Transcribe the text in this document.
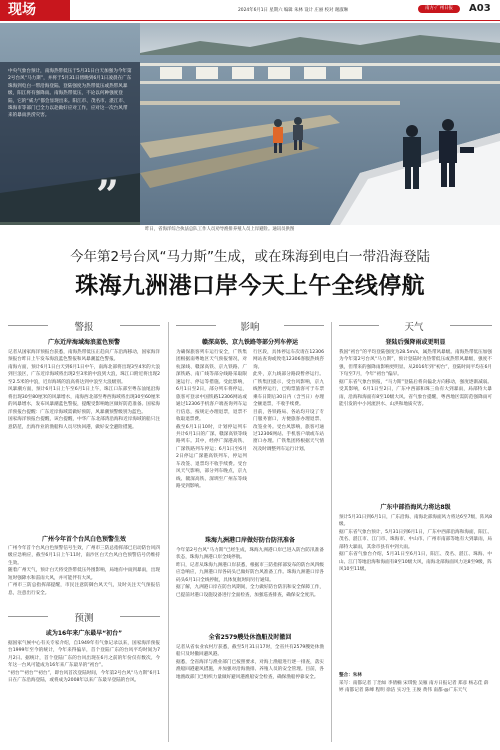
现场	2024年6月1日 星期六 编辑 朱林 设计 庄丽 校对 谢淑琳	南方·广州日报	A03
中央气象台预计，南海热带低压于5月31日白天加强为今年第2号台风“马力斯”，并将于5月31日傍晚到6月1日凌晨在广东珠海到电白一带沿海登陆。登陆强度为热带低压或热带风暴级，阳江将有强降雨。南海热带低压，不论以何种强度登陆，它的“威力”都会显现出来。阳江市、茂名市、湛江市、珠海市等部门已全力以赴做好应对工作，应对这一次台风带来的暴雨洪涝灾害。
”
昨日，省海洋综合执法总队工作人员劝导渔排养殖人员上岸避险。通讯员供图
今年第2号台风“马力斯”生成，或在珠海到电白一带沿海登陆
珠海九洲港口岸今天上午全线停航
警报
广东近岸海域海浪蓝色预警
记者从国家海洋预报台获悉，南海热带低压正趋向广东沿海移动，国家海洋预报台昨日上午发布海浪蓝色警报和风暴潮蓝色警报。
南海方面，预计6月1日白天到6月1日中午，南海北部将出现3至4米的大浪到巨浪区，广东近岸海域将出现2至3米的中浪到大浪，珠江口附近将出现2至2.5米的中浪，近岸海域的浪高将达到中浪至大浪级别。
风暴潮方面，预计6月1日上午至6月1日上午，珠江口东部至粤东汕尾沿海将出现30至80厘米的风暴增水，南海西北部至粤西海域将出现30至60厘米的风暴增水，发布风暴潮蓝色警报，提醒受影响地区做好防范准备。国家海洋预报台提醒：广东近岸海域需做好预防，风暴潮预警级别为蓝色。
国家海洋预报台提醒，该台提醒，中华广东北部湾沿海和近岸海域的船只注意防范，出海作业的渔船和人员尽快回港，做好安全避险措施。
广州今年首个台风白色预警生效
广州今年首个台风白色预警信号生效，广州市三防总指挥部已启动防台风四级应急响应，截至6月1日上午11时，南沙区白天台风白色预警信号仍维持生效。
随着广州天气，预计白天将受热带低压外围影响，局地有中雨到暴雨，出现短时强降水和雷雨大风，并可能伴有大风。
广州市三防总指挥部提醒，市民注意防御台风天气，及时关注天气预报信息，注意出行安全。
预测
或为16年来广东最早“初台”
据国家气候中心有关专家介绍，自1949年有气象记录以来，国家海洋预报台1999年至今的统计，今年来得偏早，首个登陆广东的台风平均时间为7月2日。据统计，首个登陆广东的台风出现在6月之前的年份仅有数次。今年这一台风可能成为16年来广东最早的“初台”。
“初台”“初台”“初台”，即台风首次登陆时间，今年第2号台风“马力斯”6月1日在广东沿海登陆，或将成为2008年以来广东最早登陆的台风。
影响
赣深高铁、京九铁路等部分列车停运
为确保旅客列车运行安全，广铁集团根据南粤地区天气预报情况，对杭深线、赣深高铁、京九铁路、广深铁路、南广线等部分线路采取限速运行、停运等措施。受此影响，6月1日至2日，部分列车将停运，旅客可登录中国铁路12306网站或通过12306手机客户端查询列车运行信息，按规定办理退票，退票不收取退票费。
截至6月1日10时，计划停运列车共计6月1日的广深、赣深高铁等线路列车。其中，经停广深港高铁、广深铁路列车停运；6月1日至6月2日停运广深港高铁列车，停运列车改签、退票均不收手续费。受台风天气影响，部分列车晚点，京九线、赣深高铁、深圳至广州东等线路受到影响。
行区段，具体停运车次请在12306网站查询或致电12306客服热线咨询。
此外，京九线部分路段暂停运行。广铁集团提示，受台风影响，京九线暂停运行，已购票旅客可于车票乘车日期后30日内（含当日）办理全额退票，不收手续费。
目前，各铁路局、各站均开设了专门服务窗口，方便旅客办理退票、改签业务。受台风影响，旅客可通过12306网站、手机客户端或车站窗口办理。广铁集团将根据天气情况及时调整列车运行计划。
珠海九洲港口岸做好防台防汛准备
今年第2号台风“马力斯”已经生成，珠海九洲港口岸已进入防台防汛准备状态，珠海九洲港口岸全线停航。
昨日，记者从珠海九洲港口岸获悉，根据市三防指挥部发布的防台风四级应急响应，九洲港口岸各码头已做好防台风准备工作。珠海九洲港口岸各码头6月1日全线停航，具体复航时间另行通知。
据了解，九洲港口岸在防台风期间，全力做好防台防汛和安全保障工作，已提前对港口设施设备进行全面检查，加强巡查排查，确保安全度汛。
全省2579艘处休渔船及时撤回
记者从省农业农村厅获悉，截至5月31日17时，全省共有2579艘处休渔船只及时撤回避风港。
据悉，全省海洋与渔业部门已按照要求，对海上渔船进行逐一排查，落实渔船回港避风措施，并加强对沿海渔排、养殖人员的安全管理。目前，各地渔政部门已组织力量做好避风港渔船安全检查，确保渔船停靠安全。
天气
登陆后强降雨或更明显
我国“初台”的平均登陆强度为28.5m/s，属热带风暴级。南海热带低压加强为今年第2号台风“马力斯”，预计登陆时为热带低压或热带风暴级，强度不强，但带来的强降雨影响更明显。从2016年到“初台”，登陆时间平均在6月下旬至7月，今年“初台”偏早。
据广东省气象台预报，“马力斯”登陆后将向偏北方向移动，强度逐渐减弱。受其影响，6月1日至2日，广东中西部和珠三角有大到暴雨，局部特大暴雨，沿海和海面有8至10级大风。省气象台提醒，粤西地区需防范强降雨可能引发的中小河流洪水、山洪和地质灾害。
广东中部沿海风力将达8级
预计5月31日到6月1日，广东沿海、南海北部海面风力将达6至7级，阵风8级。
据广东省气象台预计，5月31日到6月1日，广东中西部沿海和海面，阳江、茂名、湛江市、江门市、珠海市、中山市、广州市南部等地有大到暴雨，局部特大暴雨，其余市县有中到大雨。
据广东省气象台介绍，5月31日至6月1日，阳江、茂名、湛江、珠海、中山、江门等地沿海和海面有8至10级大风，南海北部海面风力达8至9级，阵风10至11级。
整合：朱林
采写：南都记者 丁治如 李倩楠 宋琪悦 吴雁 南方日报记者 郑彦 杨志佳 薛婷 南都记者 陈峰 程明 徐洁 实习生 王俊 黄伟 南都·@广东天气
